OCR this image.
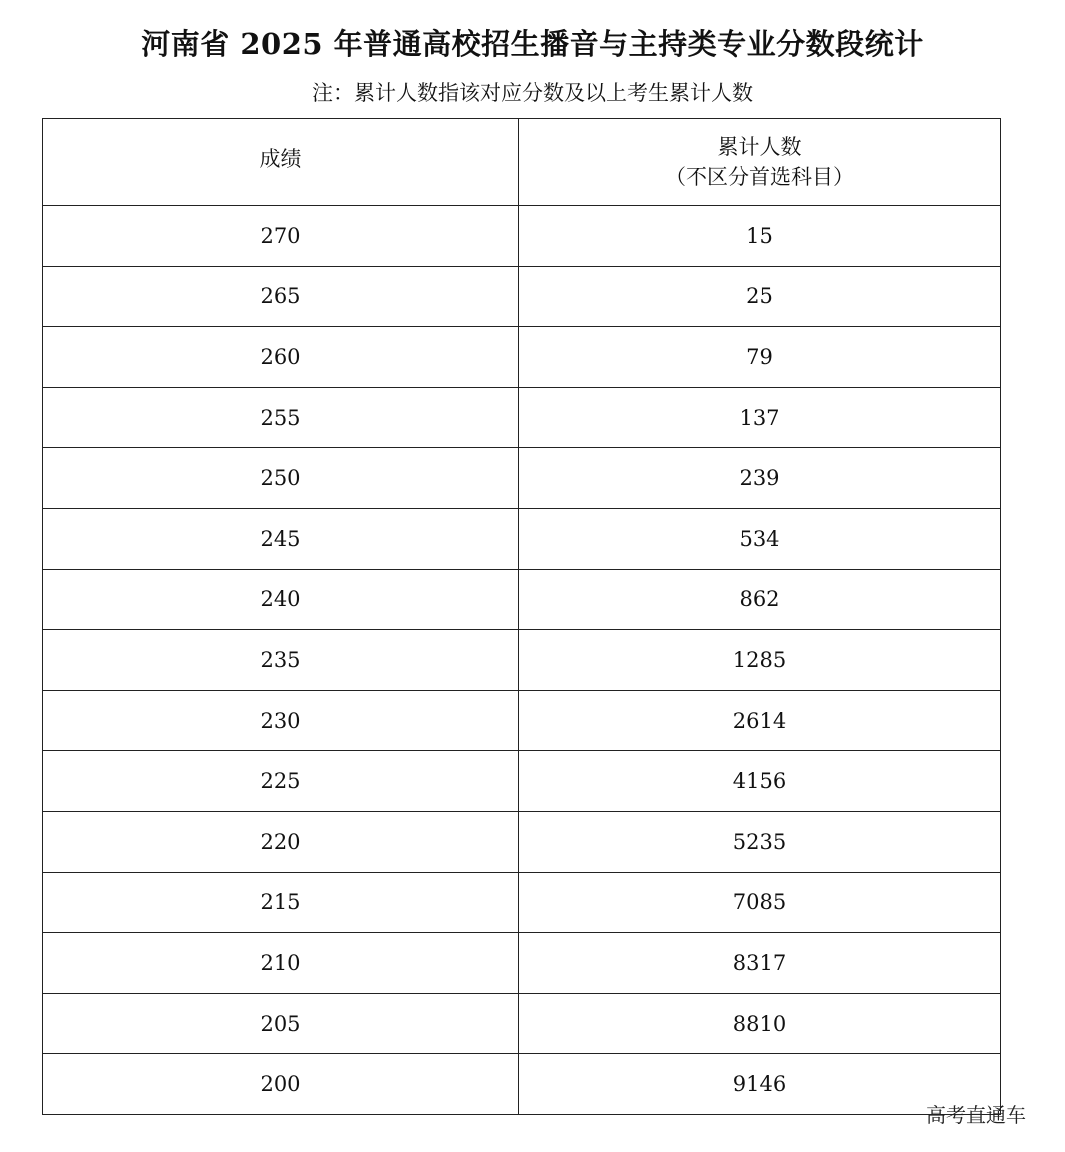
河南省 2025 年普通高校招生播音与主持类专业分数段统计
注：累计人数指该对应分数及以上考生累计人数
成绩	累计人数
（不区分首选科目）

270	15
265	25
260	79
255	137
250	239
245	534
240	862
235	1285
230	2614
225	4156
220	5235
215	7085
210	8317
205	8810
200	9146
高考直通车
